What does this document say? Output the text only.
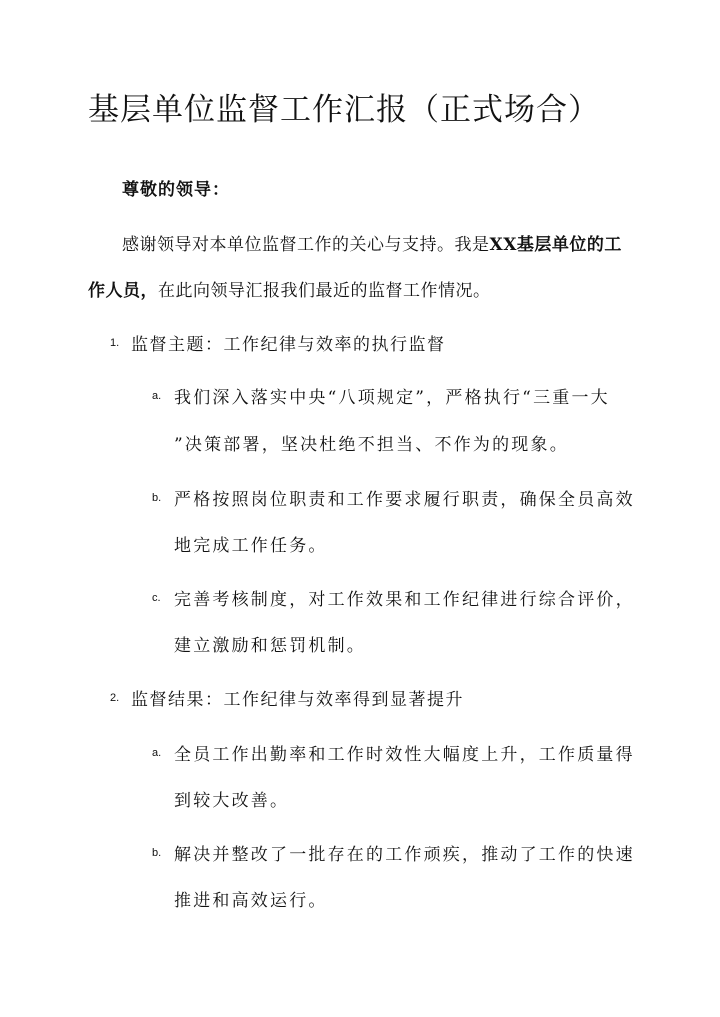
基层单位监督工作汇报（正式场合）
尊敬的领导：

感谢领导对本单位监督工作的关心与支持。我是XX基层单位的工作人员，在此向领导汇报我们最近的监督工作情况。

1. 监督主题：工作纪律与效率的执行监督
a. 我们深入落实中央“八项规定”，严格执行“三重一大
”决策部署，坚决杜绝不担当、不作为的现象。
b. 严格按照岗位职责和工作要求履行职责，确保全员高效
地完成工作任务。
c. 完善考核制度，对工作效果和工作纪律进行综合评价，
建立激励和惩罚机制。
2. 监督结果：工作纪律与效率得到显著提升
a. 全员工作出勤率和工作时效性大幅度上升，工作质量得
到较大改善。
b. 解决并整改了一批存在的工作顽疾，推动了工作的快速
推进和高效运行。
